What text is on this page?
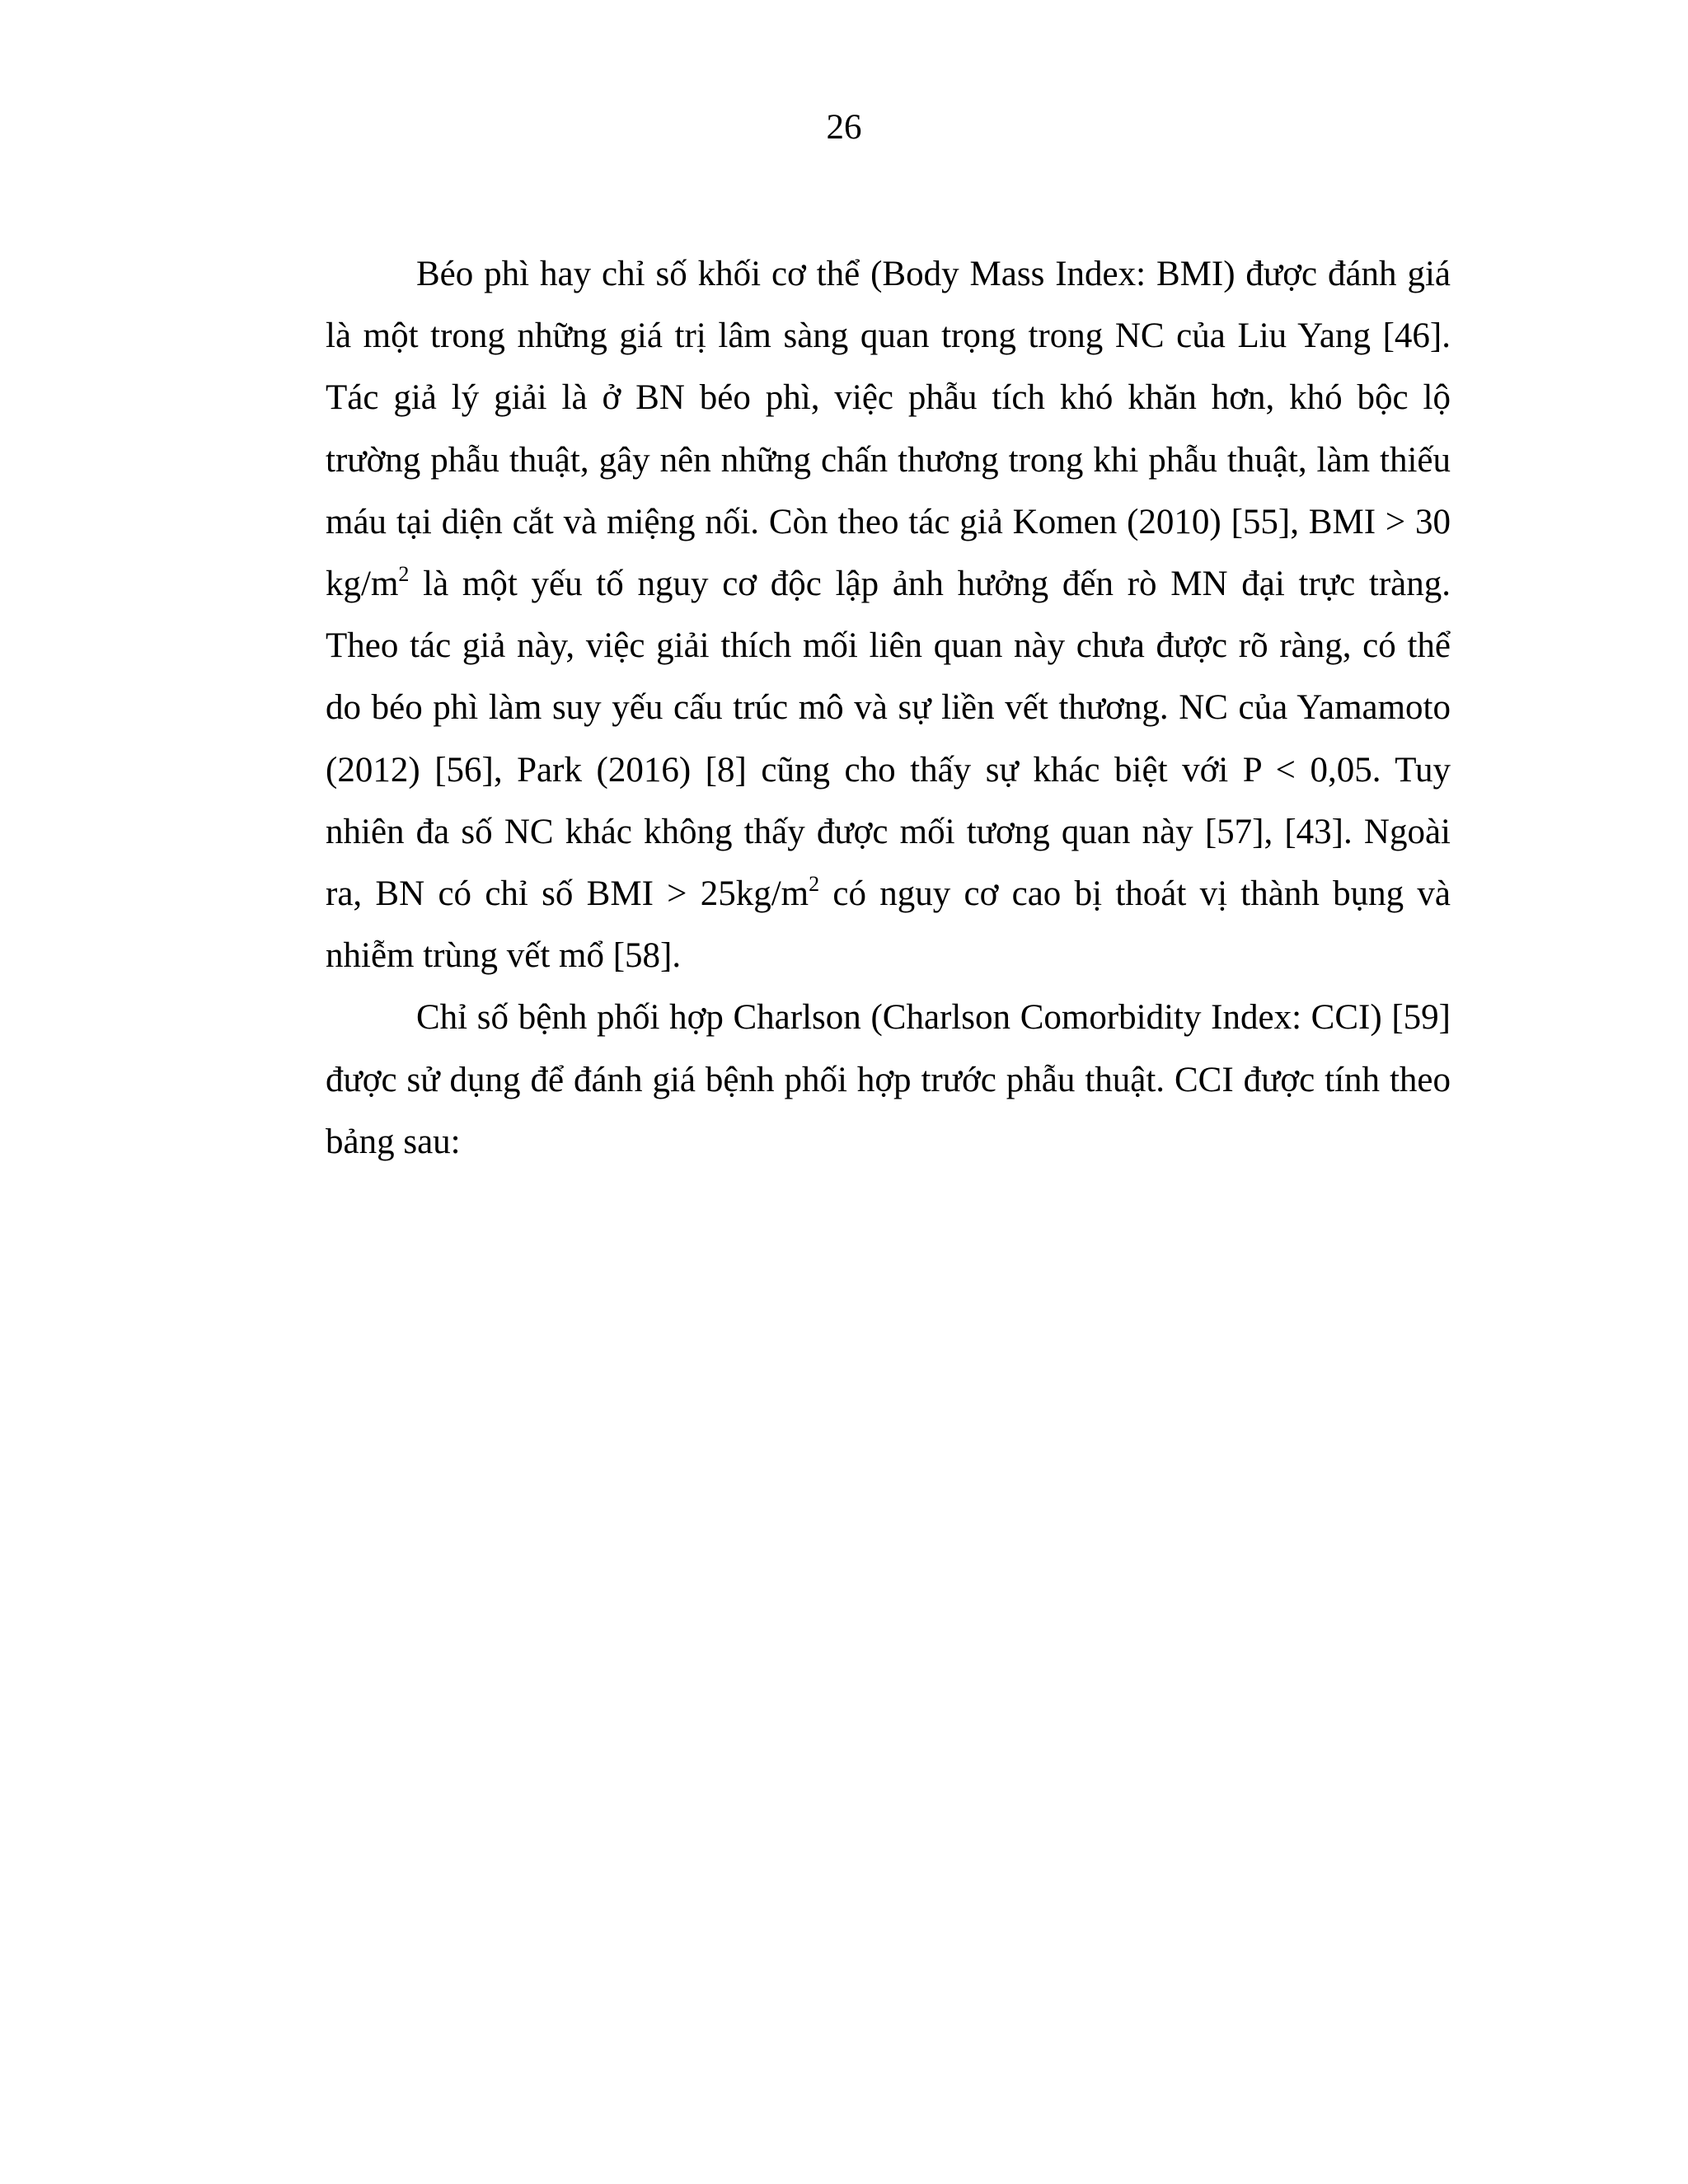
26

Béo phì hay chỉ số khối cơ thể (Body Mass Index: BMI) được đánh giá là một trong những giá trị lâm sàng quan trọng trong NC của Liu Yang [46]. Tác giả lý giải là ở BN béo phì, việc phẫu tích khó khăn hơn, khó bộc lộ trường phẫu thuật, gây nên những chấn thương trong khi phẫu thuật, làm thiếu máu tại diện cắt và miệng nối. Còn theo tác giả Komen (2010) [55], BMI > 30 $kg/m^2$ là một yếu tố nguy cơ độc lập ảnh hưởng đến rò MN đại trực tràng. Theo tác giả này, việc giải thích mối liên quan này chưa được rõ ràng, có thể do béo phì làm suy yếu cấu trúc mô và sự liền vết thương. NC của Yamamoto (2012) [56], Park (2016) [8] cũng cho thấy sự khác biệt với P < 0,05. Tuy nhiên đa số NC khác không thấy được mối tương quan này [57], [43]. Ngoài ra, BN có chỉ số BMI > $25kg/m^2$ có nguy cơ cao bị thoát vị thành bụng và nhiễm trùng vết mổ [58].

Chỉ số bệnh phối hợp Charlson (Charlson Comorbidity Index: CCI) [59] được sử dụng để đánh giá bệnh phối hợp trước phẫu thuật. CCI được tính theo bảng sau:
